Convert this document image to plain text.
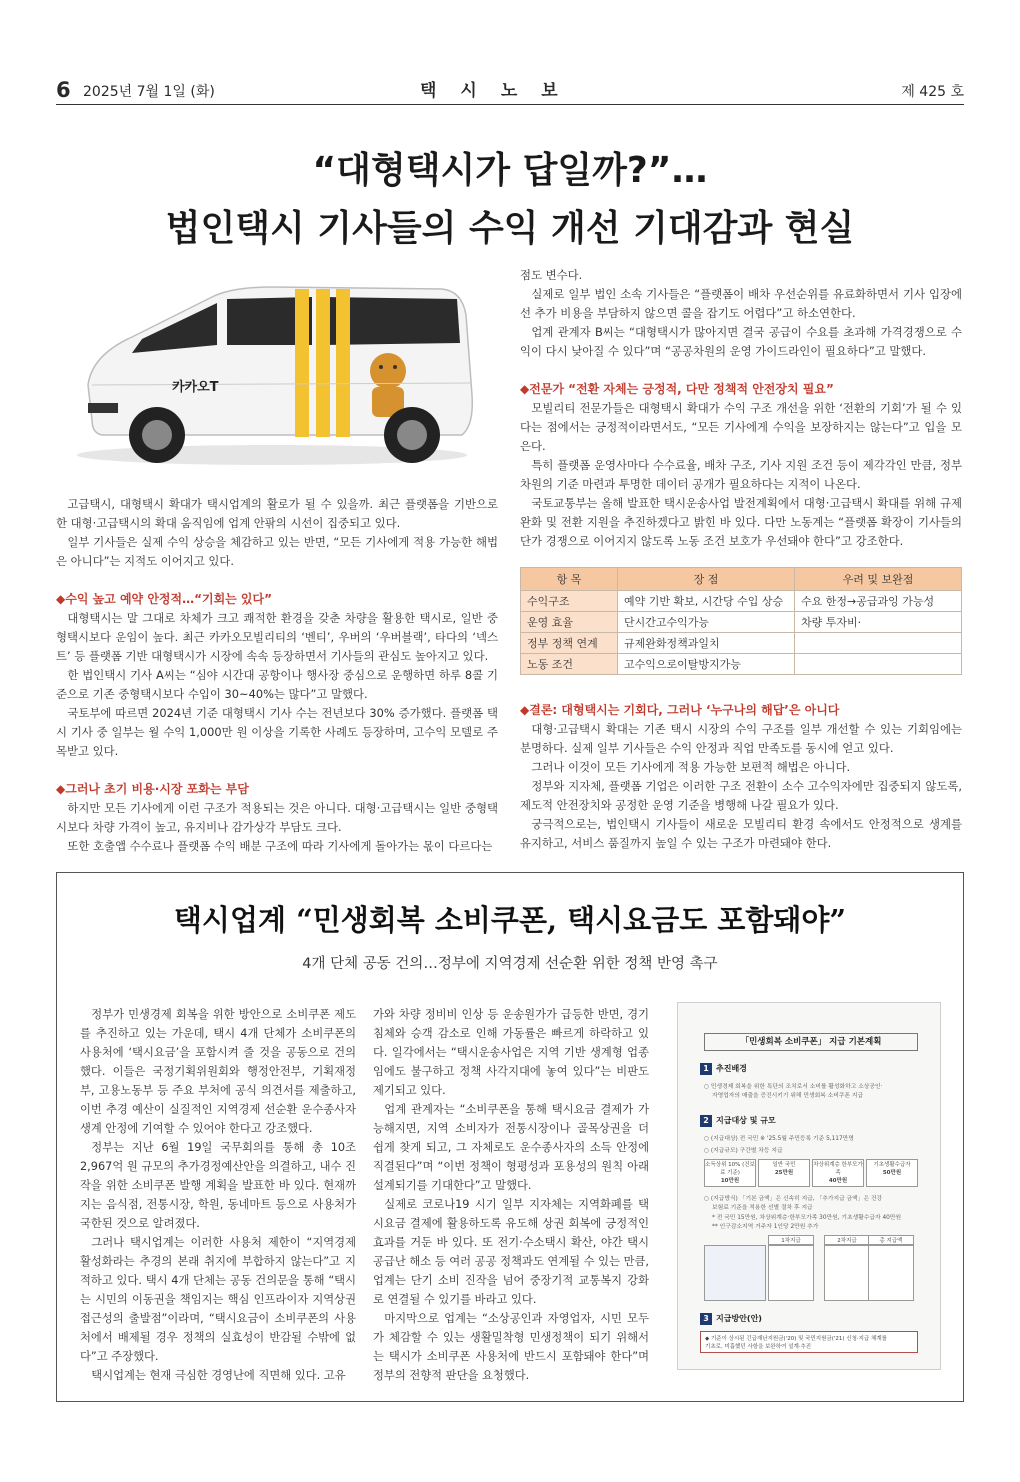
6 2025년 7월 1일 (화)	택시노보	제 425 호
“대형택시가 답일까?”…
법인택시 기사들의 수익 개선 기대감과 현실
카카오T

고급택시, 대형택시 확대가 택시업계의 활로가 될 수 있을까. 최근 플랫폼을 기반으로 한 대형·고급택시의 확대 움직임에 업계 안팎의 시선이 집중되고 있다.

일부 기사들은 실제 수익 상승을 체감하고 있는 반면, “모든 기사에게 적용 가능한 해법은 아니다”는 지적도 이어지고 있다.

◆수익 높고 예약 안정적…“기회는 있다”

대형택시는 말 그대로 차체가 크고 쾌적한 환경을 갖춘 차량을 활용한 택시로, 일반 중형택시보다 운임이 높다. 최근 카카오모빌리티의 ‘벤티’, 우버의 ‘우버블랙’, 타다의 ‘넥스트’ 등 플랫폼 기반 대형택시가 시장에 속속 등장하면서 기사들의 관심도 높아지고 있다.

한 법인택시 기사 A씨는 “심야 시간대 공항이나 행사장 중심으로 운행하면 하루 8콜 기준으로 기존 중형택시보다 수입이 30~40%는 많다”고 말했다.

국토부에 따르면 2024년 기준 대형택시 기사 수는 전년보다 30% 증가했다. 플랫폼 택시 기사 중 일부는 월 수익 1,000만 원 이상을 기록한 사례도 등장하며, 고수익 모델로 주목받고 있다.

◆그러나 초기 비용·시장 포화는 부담

하지만 모든 기사에게 이런 구조가 적용되는 것은 아니다. 대형·고급택시는 일반 중형택시보다 차량 가격이 높고, 유지비나 감가상각 부담도 크다.

또한 호출앱 수수료나 플랫폼 수익 배분 구조에 따라 기사에게 돌아가는 몫이 다르다는

점도 변수다.

실제로 일부 법인 소속 기사들은 “플랫폼이 배차 우선순위를 유료화하면서 기사 입장에선 추가 비용을 부담하지 않으면 콜을 잡기도 어렵다”고 하소연한다.

업계 관계자 B씨는 “대형택시가 많아지면 결국 공급이 수요를 초과해 가격경쟁으로 수익이 다시 낮아질 수 있다”며 “공공차원의 운영 가이드라인이 필요하다”고 말했다.

◆전문가 “전환 자체는 긍정적, 다만 정책적 안전장치 필요”

모빌리티 전문가들은 대형택시 확대가 수익 구조 개선을 위한 ‘전환의 기회’가 될 수 있다는 점에서는 긍정적이라면서도, “모든 기사에게 수익을 보장하지는 않는다”고 입을 모은다.

특히 플랫폼 운영사마다 수수료율, 배차 구조, 기사 지원 조건 등이 제각각인 만큼, 정부 차원의 기준 마련과 투명한 데이터 공개가 필요하다는 지적이 나온다.

국토교통부는 올해 발표한 택시운송사업 발전계획에서 대형·고급택시 확대를 위해 규제 완화 및 전환 지원을 추진하겠다고 밝힌 바 있다. 다만 노동계는 “플랫폼 확장이 기사들의 단가 경쟁으로 이어지지 않도록 노동 조건 보호가 우선돼야 한다”고 강조한다.

항 목	장 점	우려 및 보완점
수익구조	예약 기반 확보, 시간당 수입 상승	수요 한정→공급과잉 가능성
운영 효율	단시간고수익가능	차량 투자비·
정부 정책 연계	규제완화정책과일치	
노동 조건	고수익으로이탈방지가능	

◆결론: 대형택시는 기회다, 그러나 ‘누구나의 해답’은 아니다

대형·고급택시 확대는 기존 택시 시장의 수익 구조를 일부 개선할 수 있는 기회임에는 분명하다. 실제 일부 기사들은 수익 안정과 직업 만족도를 동시에 얻고 있다.

그러나 이것이 모든 기사에게 적용 가능한 보편적 해법은 아니다.

정부와 지자체, 플랫폼 기업은 이러한 구조 전환이 소수 고수익자에만 집중되지 않도록, 제도적 안전장치와 공정한 운영 기준을 병행해 나갈 필요가 있다.

궁극적으로는, 법인택시 기사들이 새로운 모빌리티 환경 속에서도 안정적으로 생계를 유지하고, 서비스 품질까지 높일 수 있는 구조가 마련돼야 한다.

택시업계 “민생회복 소비쿠폰, 택시요금도 포함돼야”
4개 단체 공동 건의…정부에 지역경제 선순환 위한 정책 반영 촉구

정부가 민생경제 회복을 위한 방안으로 소비쿠폰 제도를 추진하고 있는 가운데, 택시 4개 단체가 소비쿠폰의 사용처에 ‘택시요금’을 포함시켜 줄 것을 공동으로 건의했다. 이들은 국정기획위원회와 행정안전부, 기획재정부, 고용노동부 등 주요 부처에 공식 의견서를 제출하고, 이번 추경 예산이 실질적인 지역경제 선순환 운수종사자 생계 안정에 기여할 수 있어야 한다고 강조했다.

정부는 지난 6월 19일 국무회의를 통해 총 10조 2,967억 원 규모의 추가경정예산안을 의결하고, 내수 진작을 위한 소비쿠폰 발행 계획을 발표한 바 있다. 현재까지는 음식점, 전통시장, 학원, 동네마트 등으로 사용처가 국한된 것으로 알려졌다.

그러나 택시업계는 이러한 사용처 제한이 “지역경제 활성화라는 추경의 본래 취지에 부합하지 않는다”고 지적하고 있다. 택시 4개 단체는 공동 건의문을 통해 “택시는 시민의 이동권을 책임지는 핵심 인프라이자 지역상권 접근성의 출발점”이라며, “택시요금이 소비쿠폰의 사용처에서 배제될 경우 정책의 실효성이 반감될 수밖에 없다”고 주장했다.

택시업계는 현재 극심한 경영난에 직면해 있다. 고유

가와 차량 정비비 인상 등 운송원가가 급등한 반면, 경기 침체와 승객 감소로 인해 가동률은 빠르게 하락하고 있다. 일각에서는 “택시운송사업은 지역 기반 생계형 업종임에도 불구하고 정책 사각지대에 놓여 있다”는 비판도 제기되고 있다.

업계 관계자는 “소비쿠폰을 통해 택시요금 결제가 가능해지면, 지역 소비자가 전통시장이나 골목상권을 더 쉽게 찾게 되고, 그 자체로도 운수종사자의 소득 안정에 직결된다”며 “이번 정책이 형평성과 포용성의 원칙 아래 설계되기를 기대한다”고 말했다.

실제로 코로나19 시기 일부 지자체는 지역화폐를 택시요금 결제에 활용하도록 유도해 상권 회복에 긍정적인 효과를 거둔 바 있다. 또 전기·수소택시 확산, 야간 택시 공급난 해소 등 여러 공공 정책과도 연계될 수 있는 만큼, 업계는 단기 소비 진작을 넘어 중장기적 교통복지 강화로 연결될 수 있기를 바라고 있다.

마지막으로 업계는 “소상공인과 자영업자, 시민 모두가 체감할 수 있는 생활밀착형 민생정책이 되기 위해서는 택시가 소비쿠폰 사용처에 반드시 포함돼야 한다”며 정부의 전향적 판단을 요청했다.

「민생회복 소비쿠폰」 지급 기본계획
1 추진배경
○ 민생경제 회복을 위한 특단의 조치로서 소비를 활성화하고 소상공인·
자영업자의 매출을 증진시키기 위해 민생회복 소비쿠폰 지급
2 지급대상 및 규모
○ (지급대상) 전 국민 ※ '25.5월 주민등록 기준 5,117만명
○ (지급규모) 구간별 차등 지급
소득상위 10% (건보료 기준)
10만원
일반 국민
25만원
차상위계층 한부모가족
40만원
기초생활수급자
50만원
○ (지급방식) 「기본 금액」은 신속히 지급, 「추가지급 금액」은 건강
보험료 기준을 적용한 선별 절차 후 지급
* 전 국민 15만원, 차상위계층·한부모가족 30만원, 기초생활수급자 40만원
** 인구감소지역 거주자 1인당 2만원 추가
1차지급	2차지급	총 지급액
3 지급방안(안)
◆ 기준이 상시된 긴급재난지원금('20) 및 국민지원금('21) 신청·지급 체계를
기초로, 미흡했던 사항을 보완하여 설계·추진
